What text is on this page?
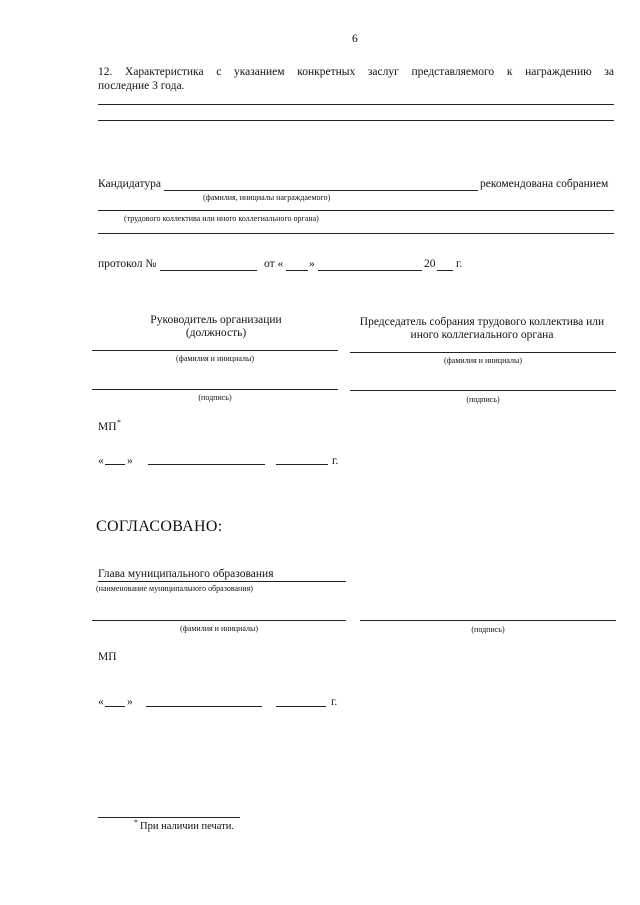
6
12. Характеристика с указанием конкретных заслуг представляемого к награждению за
последние 3 года.
Кандидатура	рекомендована собранием
(фамилия, инициалы награждаемого)
(трудового коллектива или иного коллегиального органа)
протокол №	от « »	20 г.
Руководитель организации
(должность)
(фамилия и инициалы)
(подпись)
Председатель собрания трудового коллектива или
иного коллегиального органа
(фамилия и инициалы)
(подпись)
МП *
« »	г.
СОГЛАСОВАНО:
Глава муниципального образования
(наименование муниципального образования)
(фамилия и инициалы)	(подпись)
МП
« »	г.
* При наличии печати.
